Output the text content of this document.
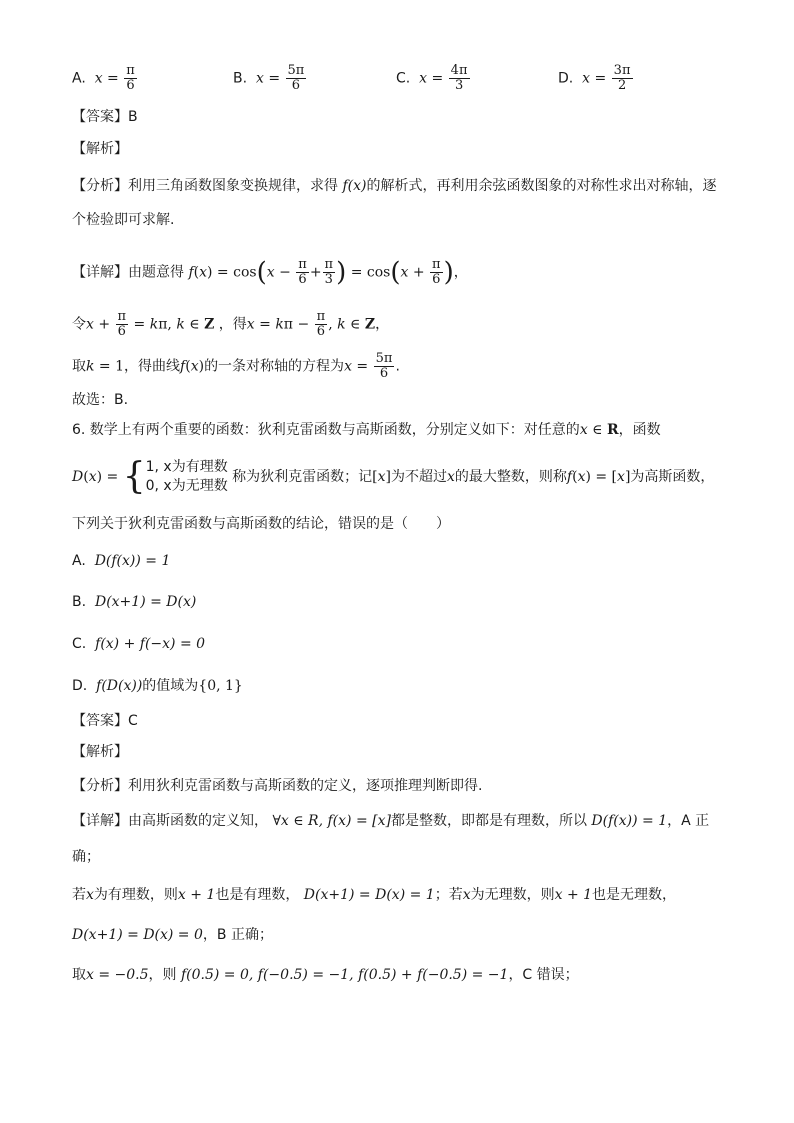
A. $x = \frac{\pi}{6}$	B. $x = \frac{5\pi}{6}$	C. $x = \frac{4\pi}{3}$	D. $x = \frac{3\pi}{2}$
【答案】B
【解析】
【分析】利用三角函数图象变换规律，求得 f(x)的解析式，再利用余弦函数图象的对称性求出对称轴，逐
个检验即可求解.
【详解】由题意得 $f(x) = \cos(x - \frac{\pi}{6} + \frac{\pi}{3}$ ) = $\cos(x + \frac{\pi}{6}$ )，
令$x + \frac{\pi}{6} = k\pi$, k ∈ Z ，得$x = k\pi - \frac{\pi}{6}$ , k ∈ Z，
取k = 1，得曲线f(x)的一条对称轴的方程为$x = \frac{5\pi}{6}$ .
故选：B.
6. 数学上有两个重要的函数：狄利克雷函数与高斯函数，分别定义如下：对任意的x ∈ R，函数
D(x) = { 1, x为有理数
0, x为无理数
称为狄利克雷函数；记[x]为不超过x的最大整数，则称f(x) = [x]为高斯函数，
下列关于狄利克雷函数与高斯函数的结论，错误的是（　　）
A. D(f(x)) = 1
B. D(x+1) = D(x)
C. f(x) + f(−x) = 0
D. f(D(x))的值域为{0, 1}
【答案】C
【解析】
【分析】利用狄利克雷函数与高斯函数的定义，逐项推理判断即得.
【详解】由高斯函数的定义知， ∀x ∈ R, f(x) = [x]都是整数，即都是有理数，所以 D(f(x)) = 1，A 正
确；
若x为有理数，则x + 1也是有理数， D(x+1) = D(x) = 1；若x为无理数，则x + 1也是无理数，
D(x+1) = D(x) = 0，B 正确；
取x = −0.5，则 f(0.5) = 0, f(−0.5) = −1, f(0.5) + f(−0.5) = −1，C 错误；
